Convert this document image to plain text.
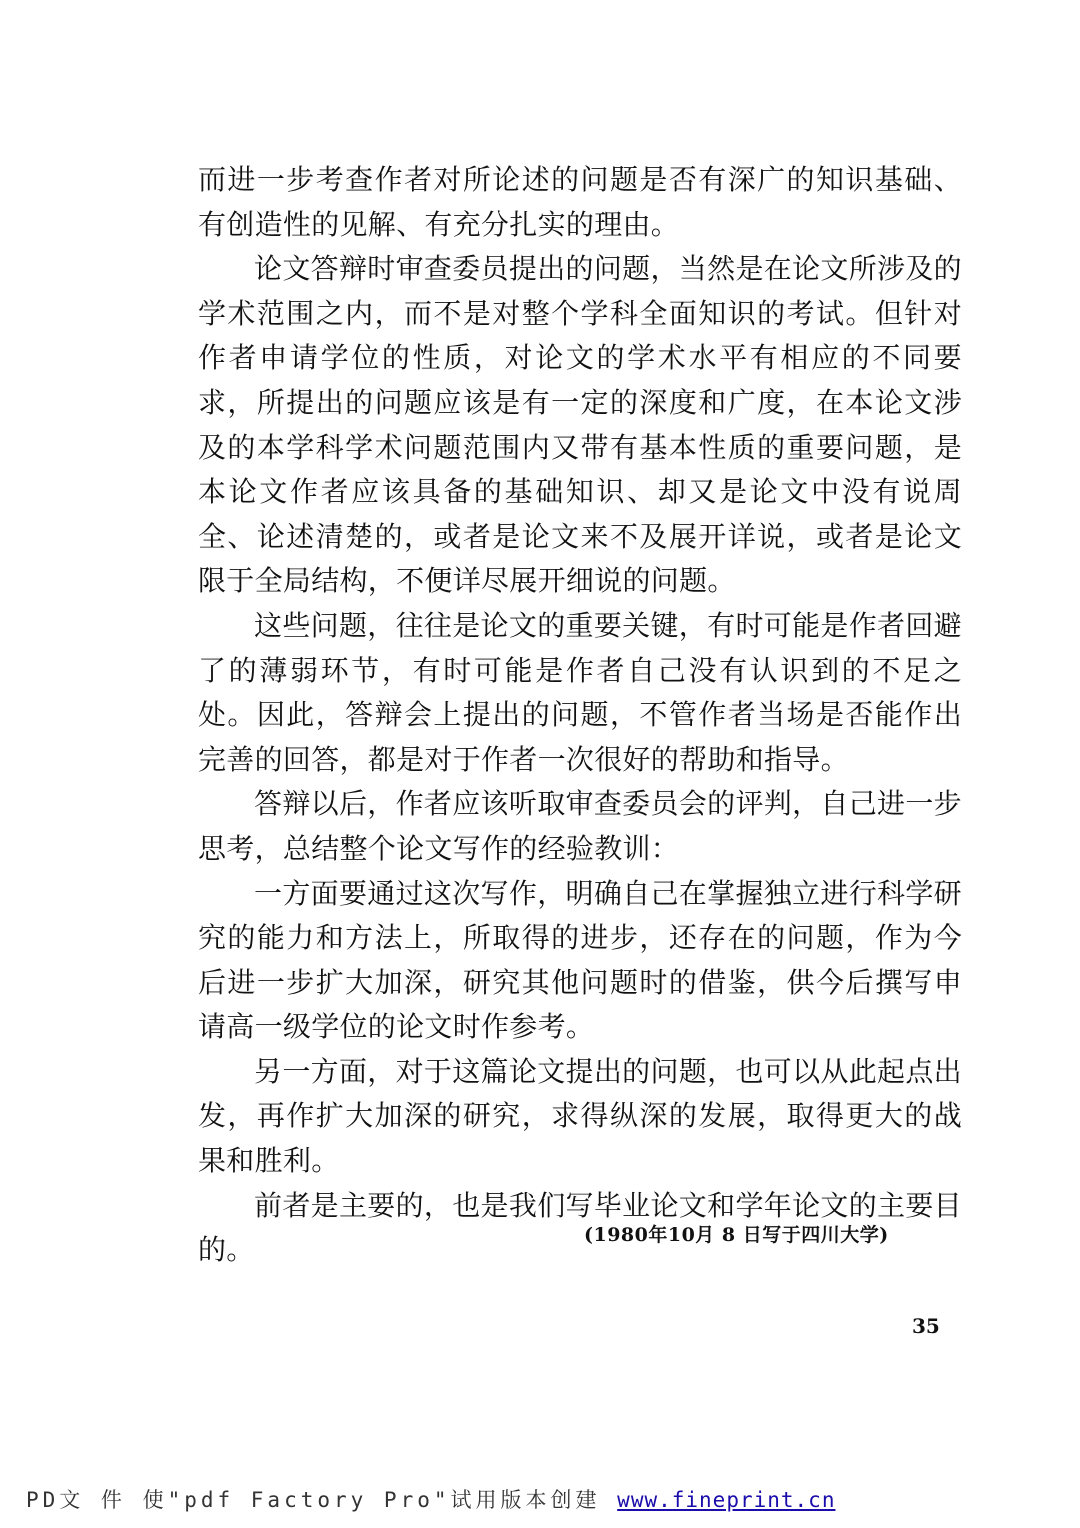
而进一步考查作者对所论述的问题是否有深广的知识基础、有创造性的见解、有充分扎实的理由。

论文答辩时审查委员提出的问题，当然是在论文所涉及的学术范围之内，而不是对整个学科全面知识的考试。但针对作者申请学位的性质，对论文的学术水平有相应的不同要求，所提出的问题应该是有一定的深度和广度，在本论文涉及的本学科学术问题范围内又带有基本性质的重要问题，是本论文作者应该具备的基础知识、却又是论文中没有说周全、论述清楚的，或者是论文来不及展开详说，或者是论文限于全局结构，不便详尽展开细说的问题。

这些问题，往往是论文的重要关键，有时可能是作者回避了的薄弱环节，有时可能是作者自己没有认识到的不足之处。因此，答辩会上提出的问题，不管作者当场是否能作出完善的回答，都是对于作者一次很好的帮助和指导。

答辩以后，作者应该听取审查委员会的评判，自己进一步思考，总结整个论文写作的经验教训：

一方面要通过这次写作，明确自己在掌握独立进行科学研究的能力和方法上，所取得的进步，还存在的问题，作为今后进一步扩大加深，研究其他问题时的借鉴，供今后撰写申请高一级学位的论文时作参考。

另一方面，对于这篇论文提出的问题，也可以从此起点出发，再作扩大加深的研究，求得纵深的发展，取得更大的战果和胜利。

前者是主要的，也是我们写毕业论文和学年论文的主要目的。	(1980年10月 8 日写于四川大学)
35
PD文 件 使"pdf Factory Pro"试用版本创建 www.fineprint.cn
